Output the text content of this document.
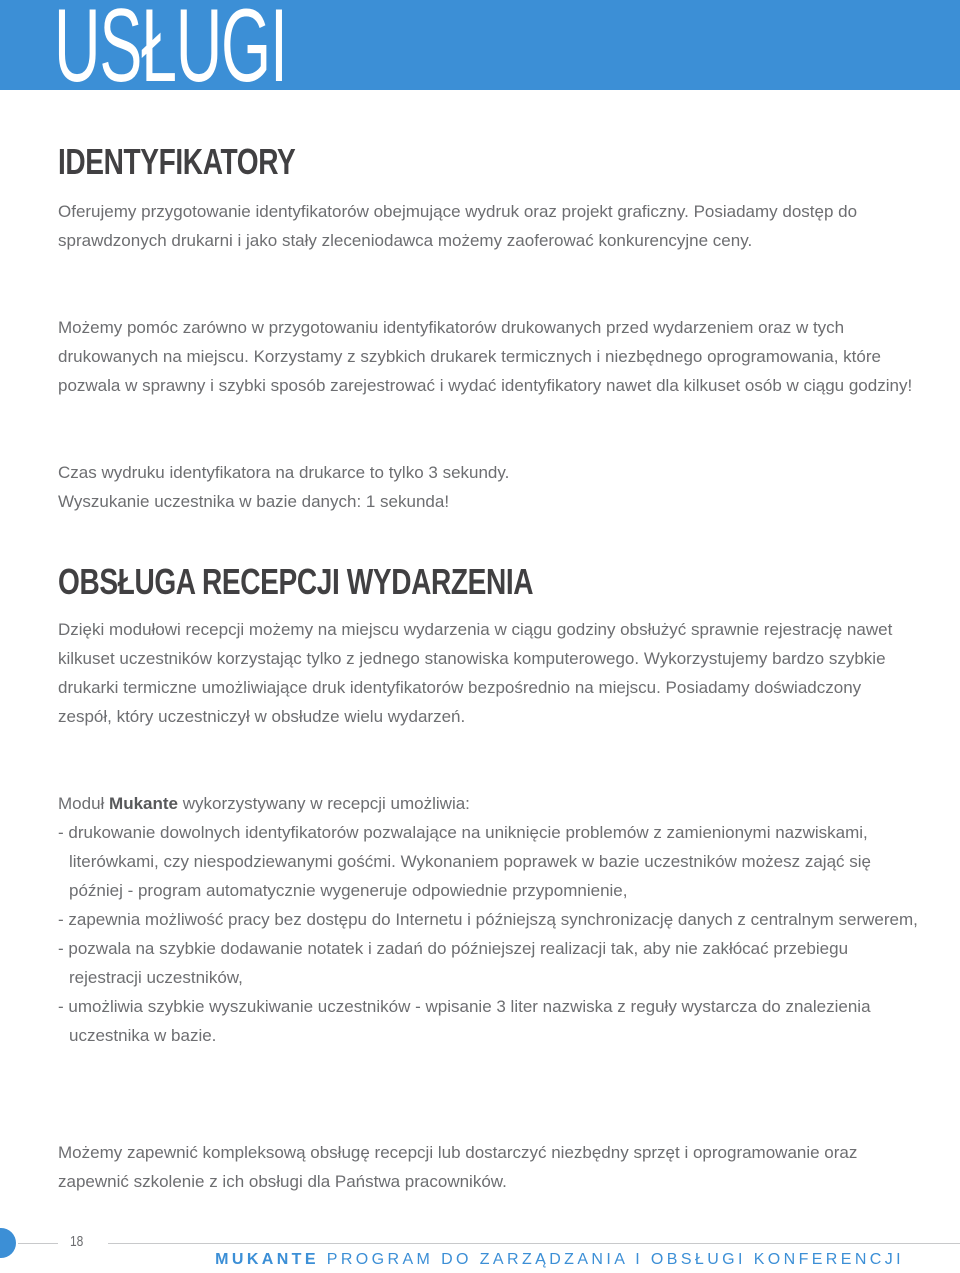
USŁUGI
IDENTYFIKATORY

Oferujemy przygotowanie identyfikatorów obejmujące wydruk oraz projekt graficzny. Posiadamy dostęp do sprawdzonych drukarni i jako stały zleceniodawca możemy zaoferować konkurencyjne ceny.

Możemy pomóc zarówno w przygotowaniu identyfikatorów drukowanych przed wydarzeniem oraz w tych drukowanych na miejscu. Korzystamy z szybkich drukarek termicznych i niezbędnego oprogramowania, które pozwala w sprawny i szybki sposób zarejestrować i wydać identyfikatory nawet dla kilkuset osób w ciągu godziny!

Czas wydruku identyfikatora na drukarce to tylko 3 sekundy.
Wyszukanie uczestnika w bazie danych: 1 sekunda!

OBSŁUGA RECEPCJI WYDARZENIA

Dzięki modułowi recepcji możemy na miejscu wydarzenia w ciągu godziny obsłużyć sprawnie rejestrację nawet kilkuset uczestników korzystając tylko z jednego stanowiska komputerowego. Wykorzystujemy bardzo szybkie drukarki termiczne umożliwiające druk identyfikatorów bezpośrednio na miejscu. Posiadamy doświadczony zespół, który uczestniczył w obsłudze wielu wydarzeń.

Moduł Mukante wykorzystywany w recepcji umożliwia:

- drukowanie dowolnych identyfikatorów pozwalające na uniknięcie problemów z zamienionymi nazwiskami, literówkami, czy niespodziewanymi gośćmi. Wykonaniem poprawek w bazie uczestników możesz zająć się później - program automatycznie wygeneruje odpowiednie przypomnienie,
- zapewnia możliwość pracy bez dostępu do Internetu i późniejszą synchronizację danych z centralnym serwerem,
- pozwala na szybkie dodawanie notatek i zadań do późniejszej realizacji tak, aby nie zakłócać przebiegu rejestracji uczestników,
- umożliwia szybkie wyszukiwanie uczestników - wpisanie 3 liter nazwiska z reguły wystarcza do znalezienia uczestnika w bazie.

Możemy zapewnić kompleksową obsługę recepcji lub dostarczyć niezbędny sprzęt i oprogramowanie oraz zapewnić szkolenie z ich obsługi dla Państwa pracowników.

18
MUKANTE PROGRAM DO ZARZĄDZANIA I OBSŁUGI KONFERENCJI
